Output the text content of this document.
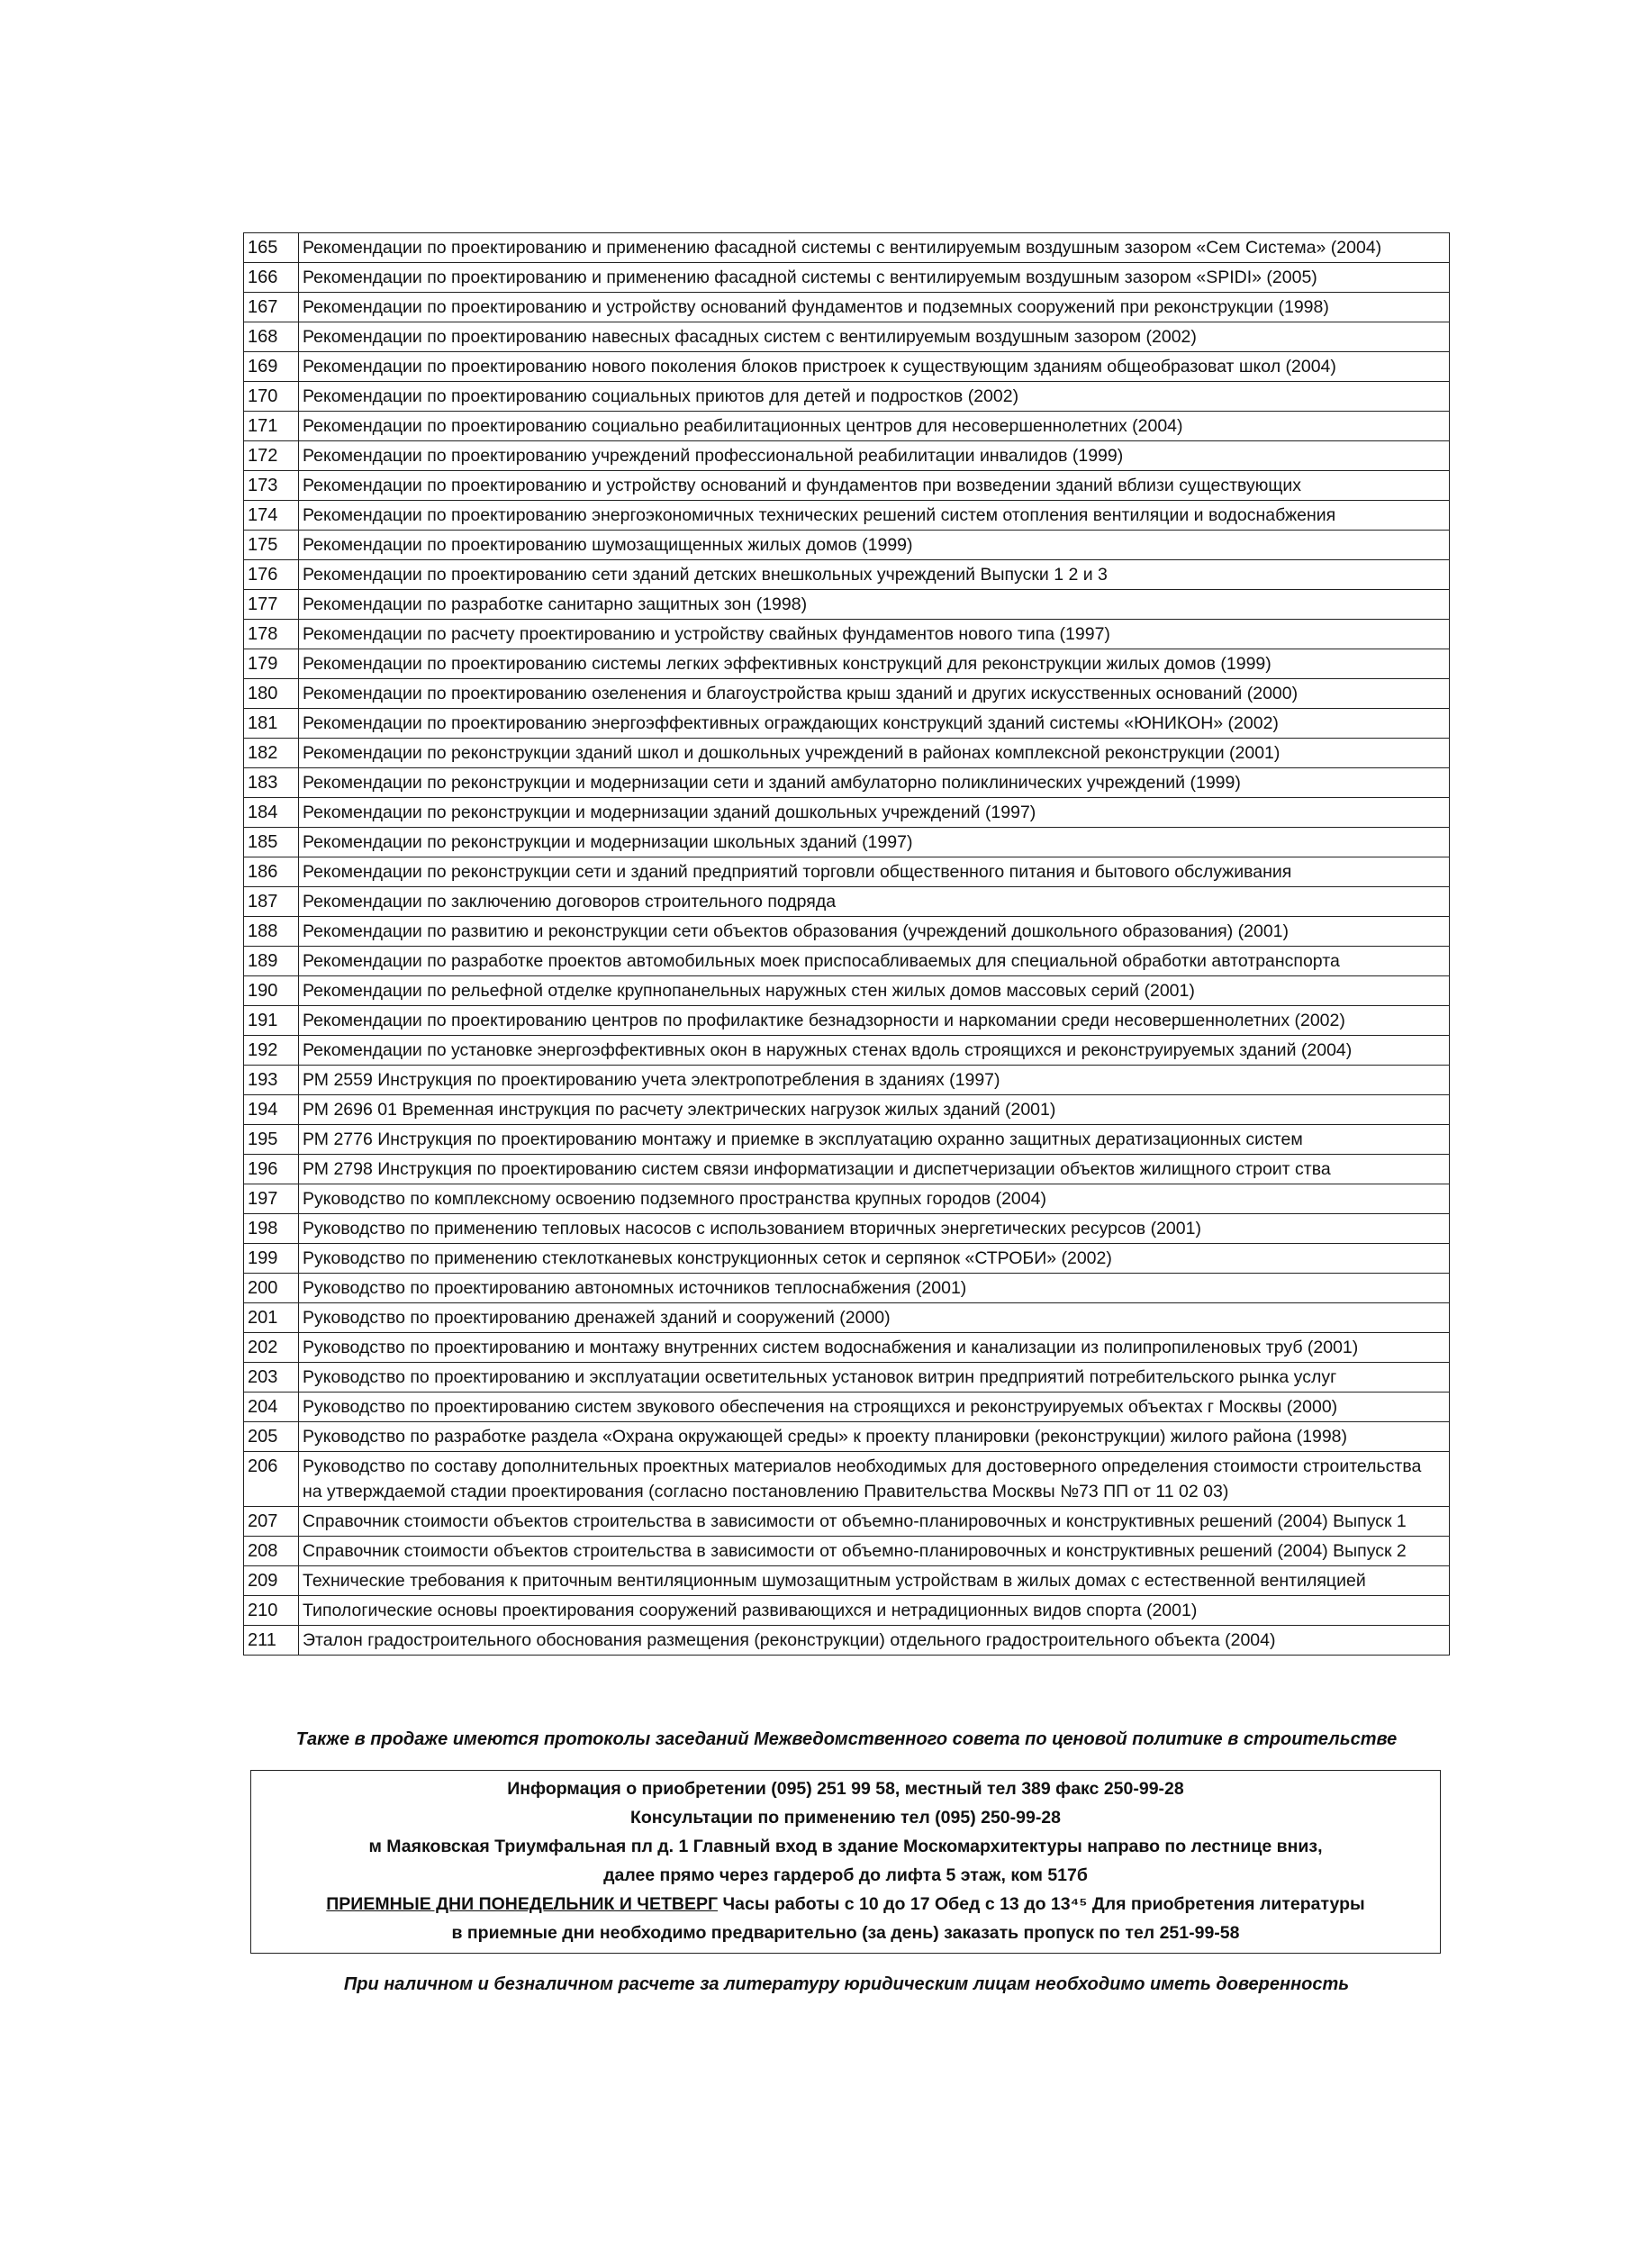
165	Рекомендации по проектированию и применению фасадной системы с вентилируемым воздушным зазором «Сем Система» (2004)
166	Рекомендации по проектированию и применению фасадной системы с вентилируемым воздушным зазором «SPIDI» (2005)
167	Рекомендации по проектированию и устройству оснований фундаментов и подземных сооружений при реконструкции (1998)
168	Рекомендации по проектированию навесных фасадных систем с вентилируемым воздушным зазором (2002)
169	Рекомендации по проектированию нового поколения блоков пристроек к существующим зданиям общеобразоват школ (2004)
170	Рекомендации по проектированию социальных приютов для детей и подростков (2002)
171	Рекомендации по проектированию социально реабилитационных центров для несовершеннолетних (2004)
172	Рекомендации по проектированию учреждений профессиональной реабилитации инвалидов (1999)
173	Рекомендации по проектированию и устройству оснований и фундаментов при возведении зданий вблизи существующих
174	Рекомендации по проектированию энергоэкономичных технических решений систем отопления вентиляции и водоснабжения
175	Рекомендации по проектированию шумозащищенных жилых домов (1999)
176	Рекомендации по проектированию сети зданий детских внешкольных учреждений Выпуски 1 2 и 3
177	Рекомендации по разработке санитарно защитных зон (1998)
178	Рекомендации по расчету проектированию и устройству свайных фундаментов нового типа (1997)
179	Рекомендации по проектированию системы легких эффективных конструкций для реконструкции жилых домов (1999)
180	Рекомендации по проектированию озеленения и благоустройства крыш зданий и других искусственных оснований (2000)
181	Рекомендации по проектированию энергоэффективных ограждающих конструкций зданий системы «ЮНИКОН» (2002)
182	Рекомендации по реконструкции зданий школ и дошкольных учреждений в районах комплексной реконструкции (2001)
183	Рекомендации по реконструкции и модернизации сети и зданий амбулаторно поликлинических учреждений (1999)
184	Рекомендации по реконструкции и модернизации зданий дошкольных учреждений (1997)
185	Рекомендации по реконструкции и модернизации школьных зданий (1997)
186	Рекомендации по реконструкции сети и зданий предприятий торговли общественного питания и бытового обслуживания
187	Рекомендации по заключению договоров строительного подряда
188	Рекомендации по развитию и реконструкции сети объектов образования (учреждений дошкольного образования) (2001)
189	Рекомендации по разработке проектов автомобильных моек приспосабливаемых для специальной обработки автотранспорта
190	Рекомендации по рельефной отделке крупнопанельных наружных стен жилых домов массовых серий (2001)
191	Рекомендации по проектированию центров по профилактике безнадзорности и наркомании среди несовершеннолетних (2002)
192	Рекомендации по установке энергоэффективных окон в наружных стенах вдоль строящихся и реконструируемых зданий (2004)
193	РМ 2559 Инструкция по проектированию учета электропотребления в зданиях (1997)
194	РМ 2696 01 Временная инструкция по расчету электрических нагрузок жилых зданий (2001)
195	РМ 2776 Инструкция по проектированию монтажу и приемке в эксплуатацию охранно защитных дератизационных систем
196	РМ 2798 Инструкция по проектированию систем связи информатизации и диспетчеризации объектов жилищного строит ства
197	Руководство по комплексному освоению подземного пространства крупных городов (2004)
198	Руководство по применению тепловых насосов с использованием вторичных энергетических ресурсов (2001)
199	Руководство по применению стеклотканевых конструкционных сеток и серпянок «СТРОБИ» (2002)
200	Руководство по проектированию автономных источников теплоснабжения (2001)
201	Руководство по проектированию дренажей зданий и сооружений (2000)
202	Руководство по проектированию и монтажу внутренних систем водоснабжения и канализации из полипропиленовых труб (2001)
203	Руководство по проектированию и эксплуатации осветительных установок витрин предприятий потребительского рынка услуг
204	Руководство по проектированию систем звукового обеспечения на строящихся и реконструируемых объектах г Москвы (2000)
205	Руководство по разработке раздела «Охрана окружающей среды» к проекту планировки (реконструкции) жилого района (1998)
206	Руководство по составу дополнительных проектных материалов необходимых для достоверного определения стоимости строительства на утверждаемой стадии проектирования (согласно постановлению Правительства Москвы №73 ПП от 11 02 03)
207	Справочник стоимости объектов строительства в зависимости от объемно-планировочных и конструктивных решений (2004) Выпуск 1
208	Справочник стоимости объектов строительства в зависимости от объемно-планировочных и конструктивных решений (2004) Выпуск 2
209	Технические требования к приточным вентиляционным шумозащитным устройствам в жилых домах с естественной вентиляцией
210	Типологические основы проектирования сооружений развивающихся и нетрадиционных видов спорта (2001)
211	Эталон градостроительного обоснования размещения (реконструкции) отдельного градостроительного объекта (2004)
Также в продаже имеются протоколы заседаний Межведомственного совета по ценовой политике в строительстве
Информация о приобретении (095) 251 99 58, местный тел 389 факс 250-99-28
Консультации по применению тел (095) 250-99-28
м Маяковская Триумфальная пл д. 1 Главный вход в здание Москомархитектуры направо по лестнице вниз,
далее прямо через гардероб до лифта 5 этаж, ком 517б
ПРИЕМНЫЕ ДНИ ПОНЕДЕЛЬНИК И ЧЕТВЕРГ Часы работы с 10 до 17 Обед с 13 до 13⁴⁵ Для приобретения литературы
в приемные дни необходимо предварительно (за день) заказать пропуск по тел 251-99-58
При наличном и безналичном расчете за литературу юридическим лицам необходимо иметь доверенность
